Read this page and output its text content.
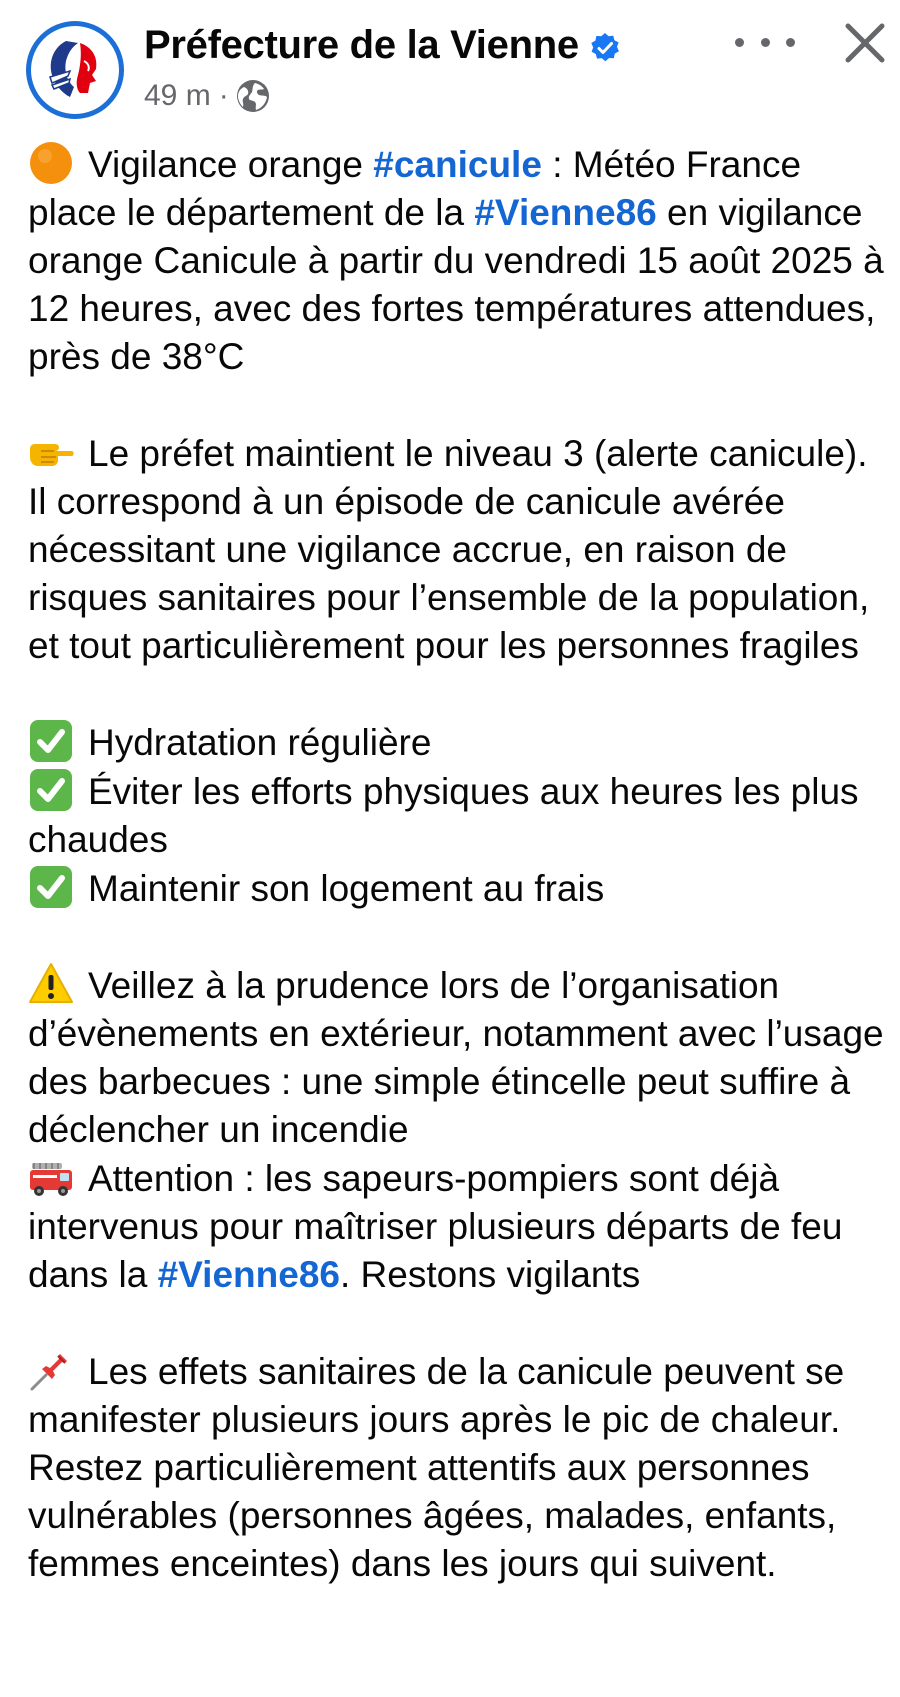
Préfecture de la Vienne
49 m ·

Vigilance orange #canicule : Météo France place le département de la #Vienne86 en vigilance orange Canicule à partir du vendredi 15 août 2025 à 12 heures, avec des fortes températures attendues, près de 38°C

Le préfet maintient le niveau 3 (alerte canicule). Il correspond à un épisode de canicule avérée nécessitant une vigilance accrue, en raison de risques sanitaires pour l’ensemble de la population, et tout particulièrement pour les personnes fragiles

Hydratation régulière

Éviter les efforts physiques aux heures les plus chaudes

Maintenir son logement au frais

Veillez à la prudence lors de l’organisation d’évènements en extérieur, notamment avec l’usage des barbecues : une simple étincelle peut suffire à déclencher un incendie

Attention : les sapeurs-pompiers sont déjà intervenus pour maîtriser plusieurs départs de feu dans la #Vienne86. Restons vigilants

Les effets sanitaires de la canicule peuvent se manifester plusieurs jours après le pic de chaleur. Restez particulièrement attentifs aux personnes vulnérables (personnes âgées, malades, enfants, femmes enceintes) dans les jours qui suivent.
